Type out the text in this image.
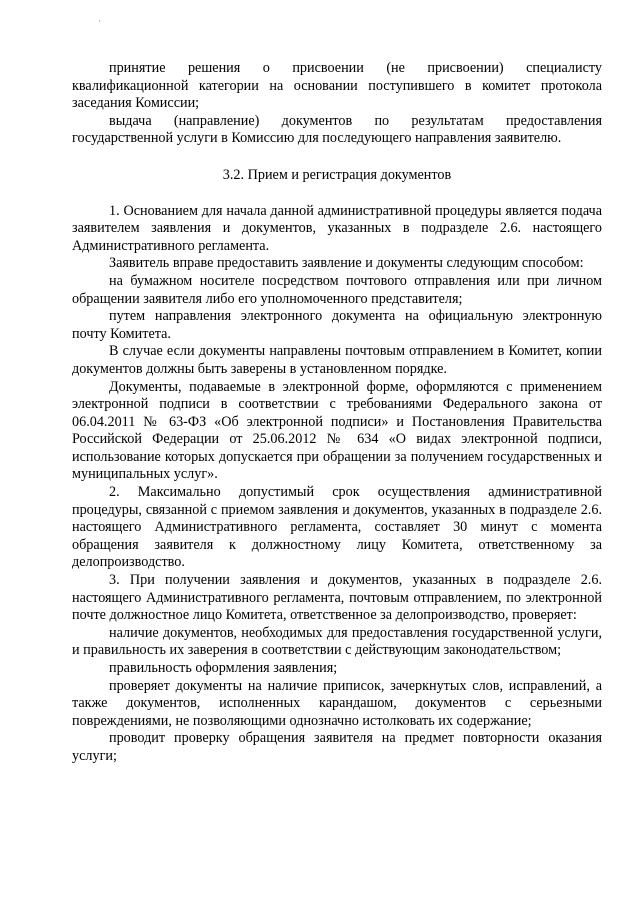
·

принятие решения о присвоении (не присвоении) специалисту квалификационной категории на основании поступившего в комитет протокола заседания Комиссии;

выдача (направление) документов по результатам предоставления государственной услуги в Комиссию для последующего направления заявителю.

3.2. Прием и регистрация документов

1. Основанием для начала данной административной процедуры является подача заявителем заявления и документов, указанных в подразделе 2.6. настоящего Административного регламента.

Заявитель вправе предоставить заявление и документы следующим способом:

на бумажном носителе посредством почтового отправления или при личном обращении заявителя либо его уполномоченного представителя;

путем направления электронного документа на официальную электронную почту Комитета.

В случае если документы направлены почтовым отправлением в Комитет, копии документов должны быть заверены в установленном порядке.

Документы, подаваемые в электронной форме, оформляются с применением электронной подписи в соответствии с требованиями Федерального закона от 06.04.2011 № 63-ФЗ «Об электронной подписи» и Постановления Правительства Российской Федерации от 25.06.2012 № 634 «О видах электронной подписи, использование которых допускается при обращении за получением государственных и муниципальных услуг».

2. Максимально допустимый срок осуществления административной процедуры, связанной с приемом заявления и документов, указанных в подразделе 2.6. настоящего Административного регламента, составляет 30 минут с момента обращения заявителя к должностному лицу Комитета, ответственному за делопроизводство.

3. При получении заявления и документов, указанных в подразделе 2.6. настоящего Административного регламента, почтовым отправлением, по электронной почте должностное лицо Комитета, ответственное за делопроизводство, проверяет:

наличие документов, необходимых для предоставления государственной услуги, и правильность их заверения в соответствии с действующим законодательством;

правильность оформления заявления;

проверяет документы на наличие приписок, зачеркнутых слов, исправлений, а также документов, исполненных карандашом, документов с серьезными повреждениями, не позволяющими однозначно истолковать их содержание;

проводит проверку обращения заявителя на предмет повторности оказания услуги;
